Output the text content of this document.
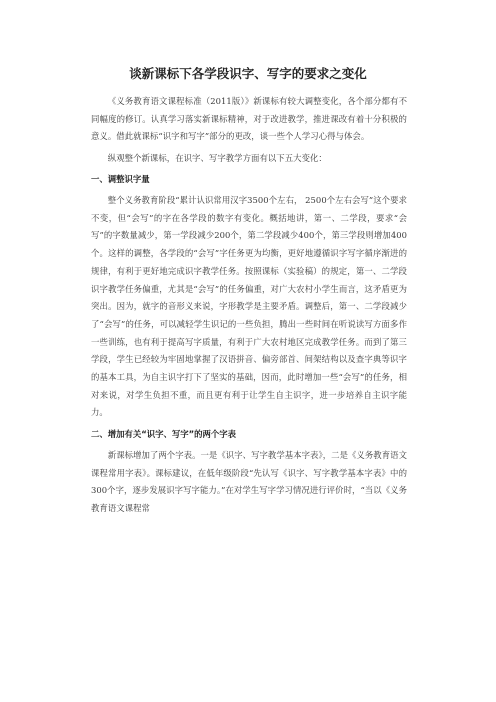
谈新课标下各学段识字、写字的要求之变化

《义务教育语文课程标准（2011版）》新课标有较大调整变化，各个部分都有不同幅度的修订。认真学习落实新课标精神，对于改进教学，推进课改有着十分积极的意义。借此就课标“识字和写字”部分的更改，谈一些个人学习心得与体会。

纵观整个新课标，在识字、写字教学方面有以下五大变化：

一、调整识字量

整个义务教育阶段“累计认识常用汉字3500个左右， 2500个左右会写”这个要求不变，但“会写”的字在各学段的数字有变化。概括地讲，第一、二学段，要求“会写”的字数量减少，第一学段减少200个，第二学段减少400个，第三学段则增加400个。这样的调整，各学段的“会写”字任务更为均衡，更好地遵循识字写字循序渐进的规律，有利于更好地完成识字教学任务。按照课标（实验稿）的规定，第一、二学段识字教学任务偏重，尤其是“会写”的任务偏重，对广大农村小学生而言，这矛盾更为突出。因为，就字的音形义来说，字形教学是主要矛盾。调整后，第一、二学段减少了“会写”的任务，可以减轻学生识记的一些负担，腾出一些时间在听说读写方面多作一些训练，也有利于提高写字质量，有利于广大农村地区完成教学任务。而到了第三学段，学生已经较为牢固地掌握了汉语拼音、偏旁部首、间架结构以及查字典等识字的基本工具，为自主识字打下了坚实的基础，因而，此时增加一些“会写”的任务，相对来说，对学生负担不重，而且更有利于让学生自主识字，进一步培养自主识字能力。

二、增加有关“识字、写字”的两个字表

新课标增加了两个字表。一是《识字、写字教学基本字表》，二是《义务教育语文课程常用字表》。课标建议，在低年级阶段“先认写《识字、写字教学基本字表》中的300个字，逐步发展识字写字能力。”在对学生写字学习情况进行评价时，“当以《义务教育语文课程常
